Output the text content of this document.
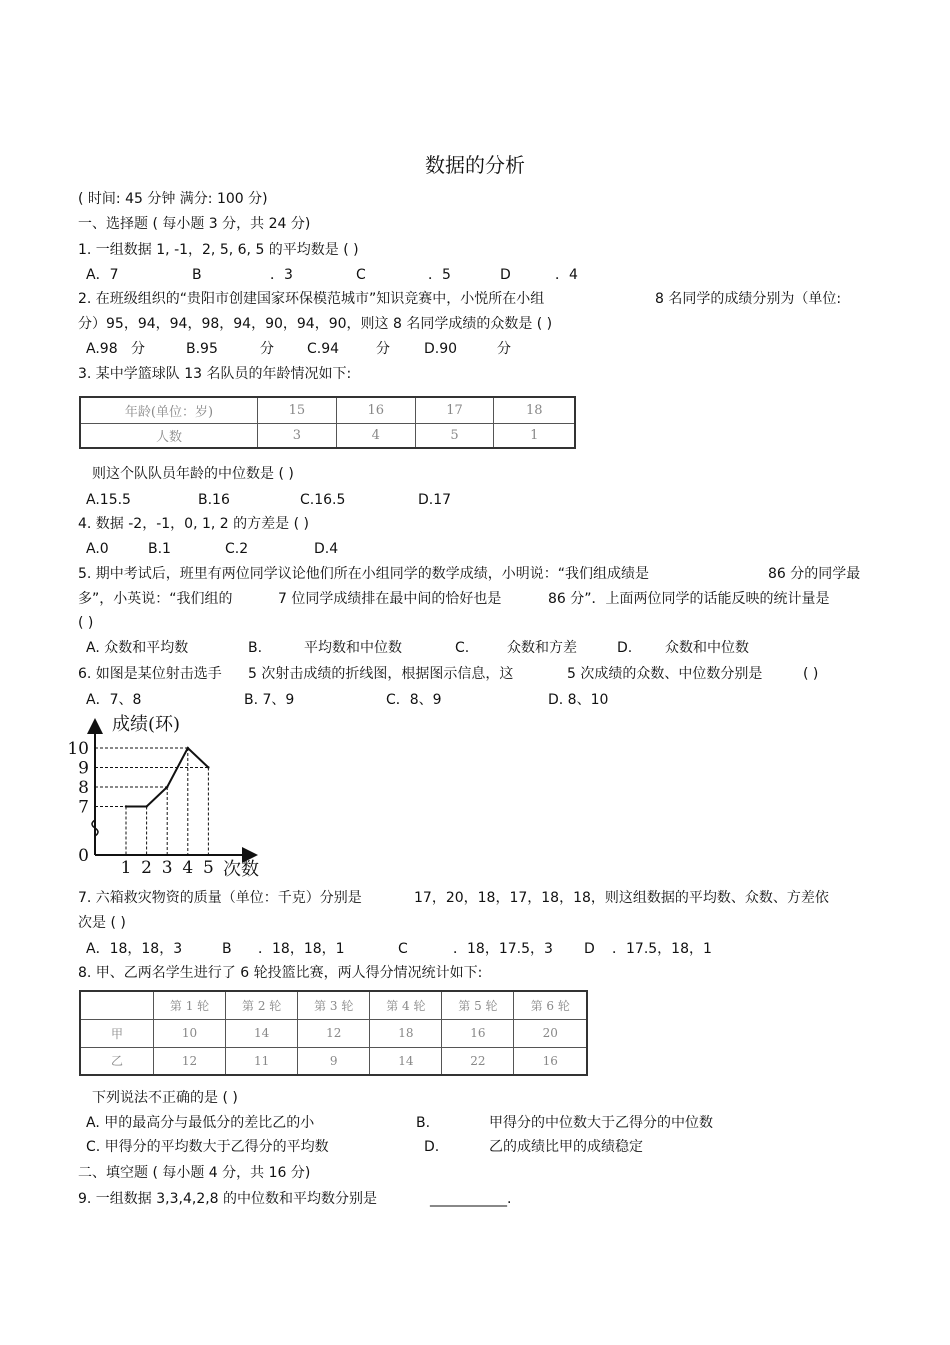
数据的分析
( 时间: 45 分钟 满分: 100 分)
一、选择题 ( 每小题 3 分，共 24 分)
1. 一组数据 1, -1，2, 5, 6, 5 的平均数是 ( )
A．7	B	．3	C	．5	D	．4
2. 在班级组织的“贵阳市创建国家环保模范城市”知识竞赛中，小悦所在小组	8 名同学的成绩分别为（单位:
分）95，94，94，98，94，90，94，90，则这 8 名同学成绩的众数是 ( )
A.98 分	B.95	分 C.94	分 D.90	分
3. 某中学篮球队 13 名队员的年龄情况如下:
年龄(单位：岁)	15	16	17	18
人数	3	4	5	1
则这个队队员年龄的中位数是 ( )
A.15.5	B.16	C.16.5	D.17
4. 数据 -2，-1，0, 1, 2 的方差是 ( )
A.0	B.1	C.2	D.4
5. 期中考试后，班里有两位同学议论他们所在小组同学的数学成绩，小明说：“我们组成绩是	86 分的同学最
多”，小英说：“我们组的	7 位同学成绩排在最中间的恰好也是	86 分”．上面两位同学的话能反映的统计量是
( )
A. 众数和平均数	B.	平均数和中位数	C.	众数和方差	D. 众数和中位数
6. 如图是某位射击选手 5 次射击成绩的折线图，根据图示信息，这	5 次成绩的众数、中位数分别是	( )
A．7、8	B. 7、9	C．8、9	D. 8、10
成绩(环)
次数
0
7
8
9
10
1 2 3 4 5
7. 六箱救灾物资的质量（单位：千克）分别是	17，20，18，17，18，18，则这组数据的平均数、众数、方差依
次是 ( )
A．18，18，3	B ．18，18，1	C	．18，17.5，3 D ．17.5，18，1
8. 甲、乙两名学生进行了 6 轮投篮比赛，两人得分情况统计如下:
	第 1 轮	第 2 轮	第 3 轮	第 4 轮	第 5 轮	第 6 轮
甲	10	14	12	18	16	20
乙	12	11	9	14	22	16
下列说法不正确的是 ( )
A. 甲的最高分与最低分的差比乙的小	B.	甲得分的中位数大于乙得分的中位数
C. 甲得分的平均数大于乙得分的平均数	D.	乙的成绩比甲的成绩稳定
二、填空题 ( 每小题 4 分，共 16 分)
9. 一组数据 3,3,4,2,8 的中位数和平均数分别是	___________.
